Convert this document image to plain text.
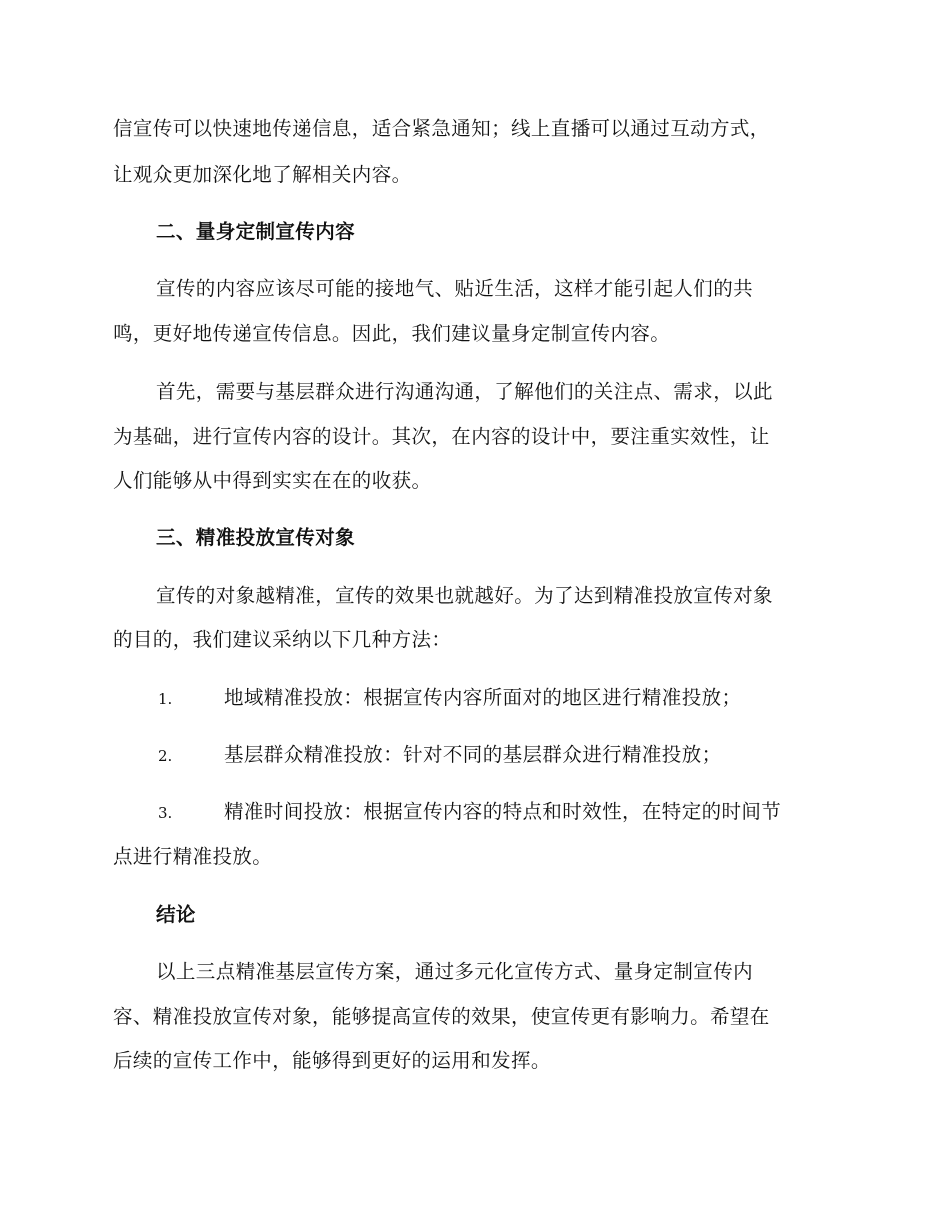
信宣传可以快速地传递信息，适合紧急通知；线上直播可以通过互动方式，
让观众更加深化地了解相关内容。
二、量身定制宣传内容
宣传的内容应该尽可能的接地气、贴近生活，这样才能引起人们的共
鸣，更好地传递宣传信息。因此，我们建议量身定制宣传内容。
首先，需要与基层群众进行沟通沟通，了解他们的关注点、需求，以此
为基础，进行宣传内容的设计。其次，在内容的设计中，要注重实效性，让
人们能够从中得到实实在在的收获。
三、精准投放宣传对象
宣传的对象越精准，宣传的效果也就越好。为了达到精准投放宣传对象
的目的，我们建议采纳以下几种方法：
1.	地域精准投放：根据宣传内容所面对的地区进行精准投放；
2.	基层群众精准投放：针对不同的基层群众进行精准投放；
3.	精准时间投放：根据宣传内容的特点和时效性，在特定的时间节
点进行精准投放。
结论
以上三点精准基层宣传方案，通过多元化宣传方式、量身定制宣传内
容、精准投放宣传对象，能够提高宣传的效果，使宣传更有影响力。希望在
后续的宣传工作中，能够得到更好的运用和发挥。
